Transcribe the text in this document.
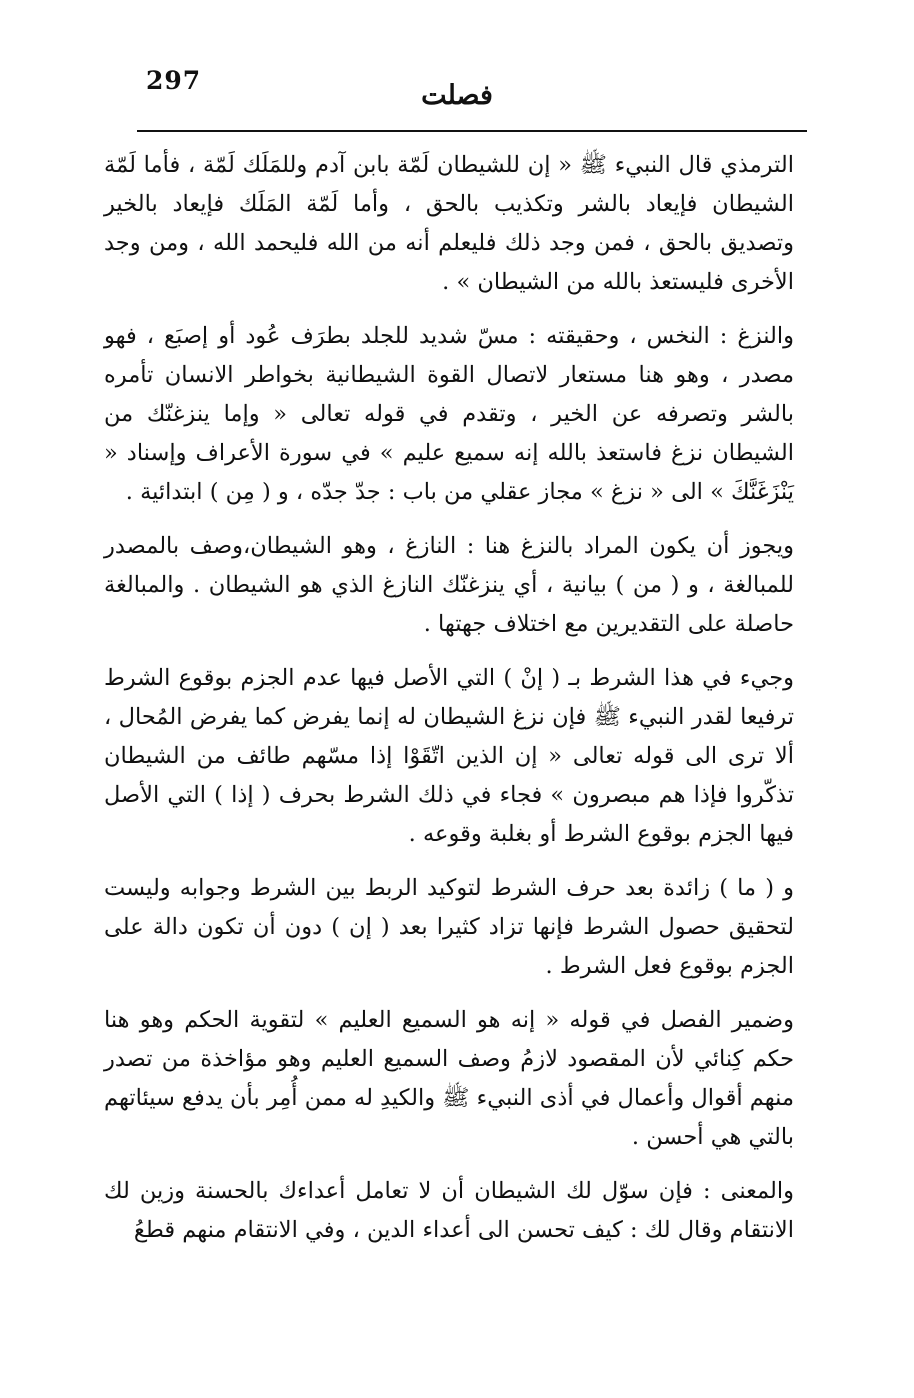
297	فصلت

الترمذي قال النبيء ﷺ « إن للشيطان لَمّة بابن آدم وللمَلَك لَمّة ، فأما لَمّة الشيطان فإيعاد بالشر وتكذيب بالحق ، وأما لَمّة المَلَك فإيعاد بالخير وتصديق بالحق ، فمن وجد ذلك فليعلم أنه من الله فليحمد الله ، ومن وجد الأخرى فليستعذ بالله من الشيطان » .

والنزغ : النخس ، وحقيقته : مسّ شديد للجلد بطرَف عُود أو إصبَع ، فهو مصدر ، وهو هنا مستعار لاتصال القوة الشيطانية بخواطر الانسان تأمره بالشر وتصرفه عن الخير ، وتقدم في قوله تعالى « وإما ينزغنّك من الشيطان نزغ فاستعذ بالله إنه سميع عليم » في سورة الأعراف وإسناد « يَنْزَغَنَّكَ » الى « نزغ » مجاز عقلي من باب : جدّ جدّه ، و ( مِن ) ابتدائية .

ويجوز أن يكون المراد بالنزغ هنا : النازغ ، وهو الشيطان،وصف بالمصدر للمبالغة ، و ( من ) بيانية ، أي ينزغنّك النازغ الذي هو الشيطان . والمبالغة حاصلة على التقديرين مع اختلاف جهتها .

وجيء في هذا الشرط بـ ( إنْ ) التي الأصل فيها عدم الجزم بوقوع الشرط ترفيعا لقدر النبيء ﷺ فإن نزغ الشيطان له إنما يفرض كما يفرض المُحال ، ألا ترى الى قوله تعالى « إن الذين اتّقَوْا إذا مسّهم طائف من الشيطان تذكّروا فإذا هم مبصرون » فجاء في ذلك الشرط بحرف ( إذا ) التي الأصل فيها الجزم بوقوع الشرط أو بغلبة وقوعه .

و ( ما ) زائدة بعد حرف الشرط لتوكيد الربط بين الشرط وجوابه وليست لتحقيق حصول الشرط فإنها تزاد كثيرا بعد ( إن ) دون أن تكون دالة على الجزم بوقوع فعل الشرط .

وضمير الفصل في قوله « إنه هو السميع العليم » لتقوية الحكم وهو هنا حكم كِنائي لأن المقصود لازمُ وصف السميع العليم وهو مؤاخذة من تصدر منهم أقوال وأعمال في أذى النبيء ﷺ والكيدِ له ممن أُمِر بأن يدفع سيئاتهم بالتي هي أحسن .

والمعنى : فإن سوّل لك الشيطان أن لا تعامل أعداءك بالحسنة وزين لك الانتقام وقال لك : كيف تحسن الى أعداء الدين ، وفي الانتقام منهم قطعُ
